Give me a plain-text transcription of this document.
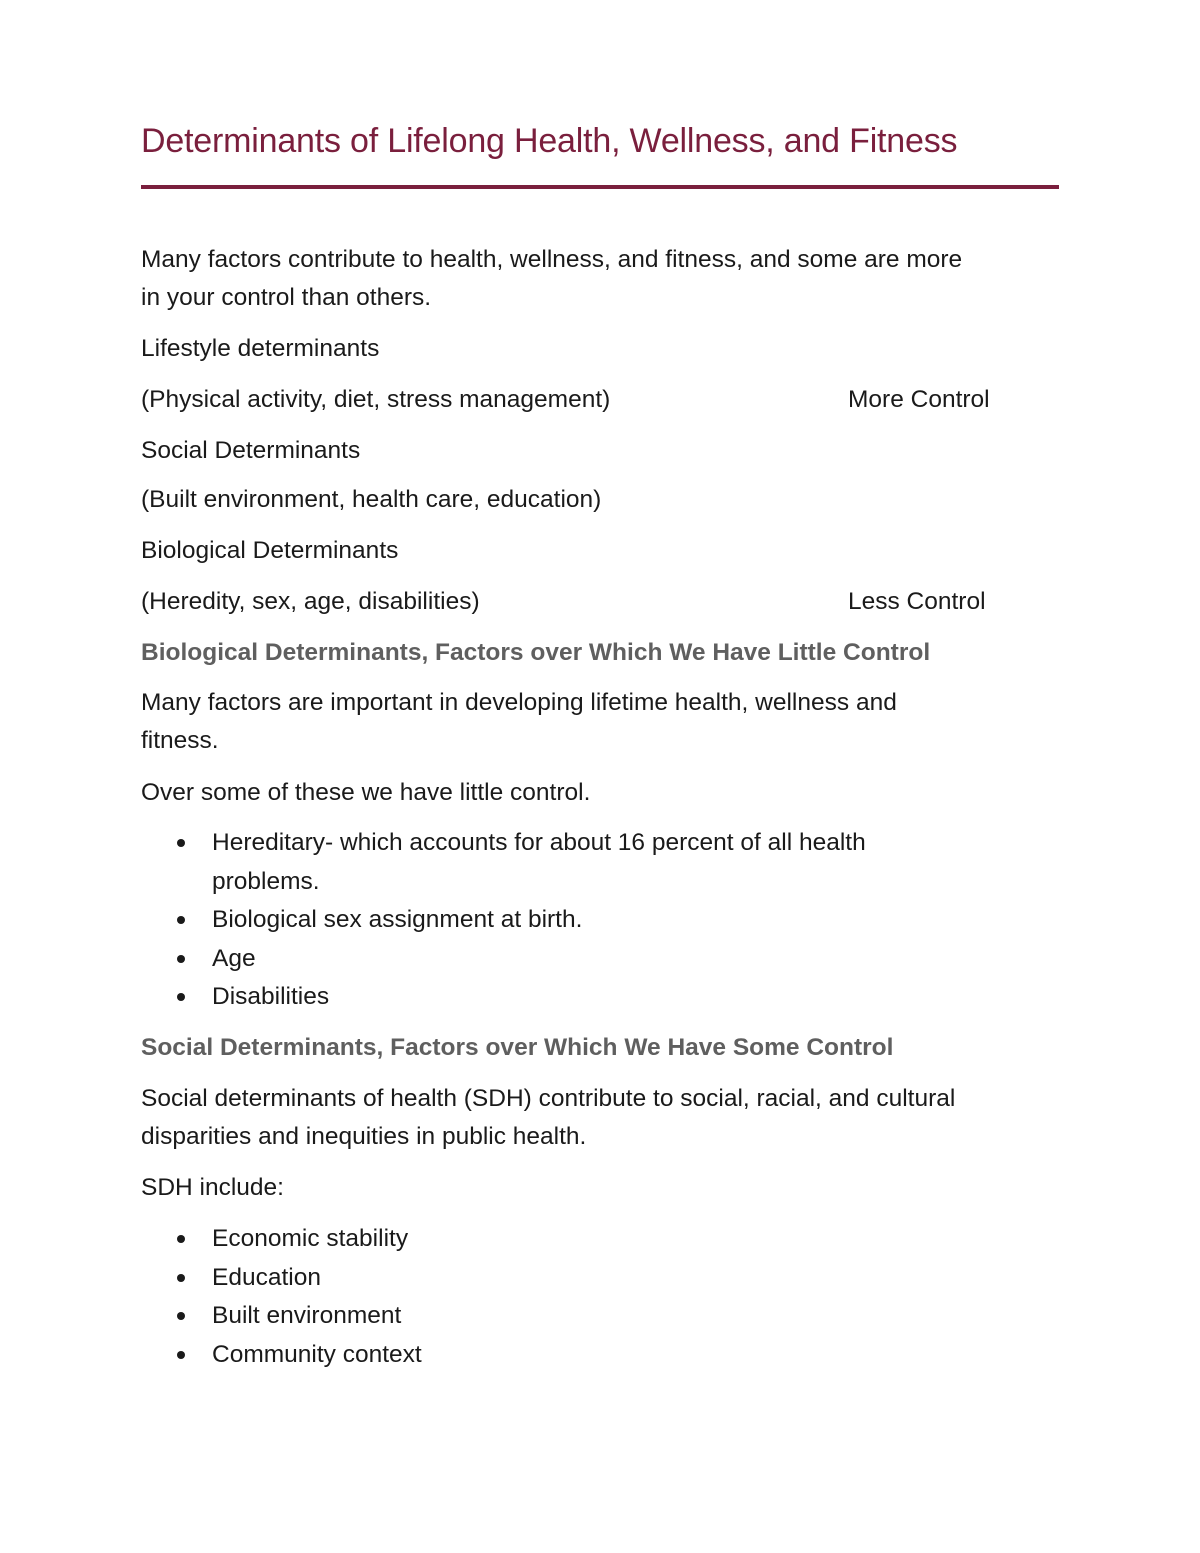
Determinants of Lifelong Health, Wellness, and Fitness
Many factors contribute to health, wellness, and fitness, and some are more
in your control than others.
Lifestyle determinants
(Physical activity, diet, stress management)	More Control
Social Determinants
(Built environment, health care, education)
Biological Determinants
(Heredity, sex, age, disabilities)	Less Control
Biological Determinants, Factors over Which We Have Little Control
Many factors are important in developing lifetime health, wellness and
fitness.
Over some of these we have little control.
Hereditary- which accounts for about 16 percent of all health
problems.
Biological sex assignment at birth.
Age
Disabilities
Social Determinants, Factors over Which We Have Some Control
Social determinants of health (SDH) contribute to social, racial, and cultural
disparities and inequities in public health.
SDH include:
Economic stability
Education
Built environment
Community context
